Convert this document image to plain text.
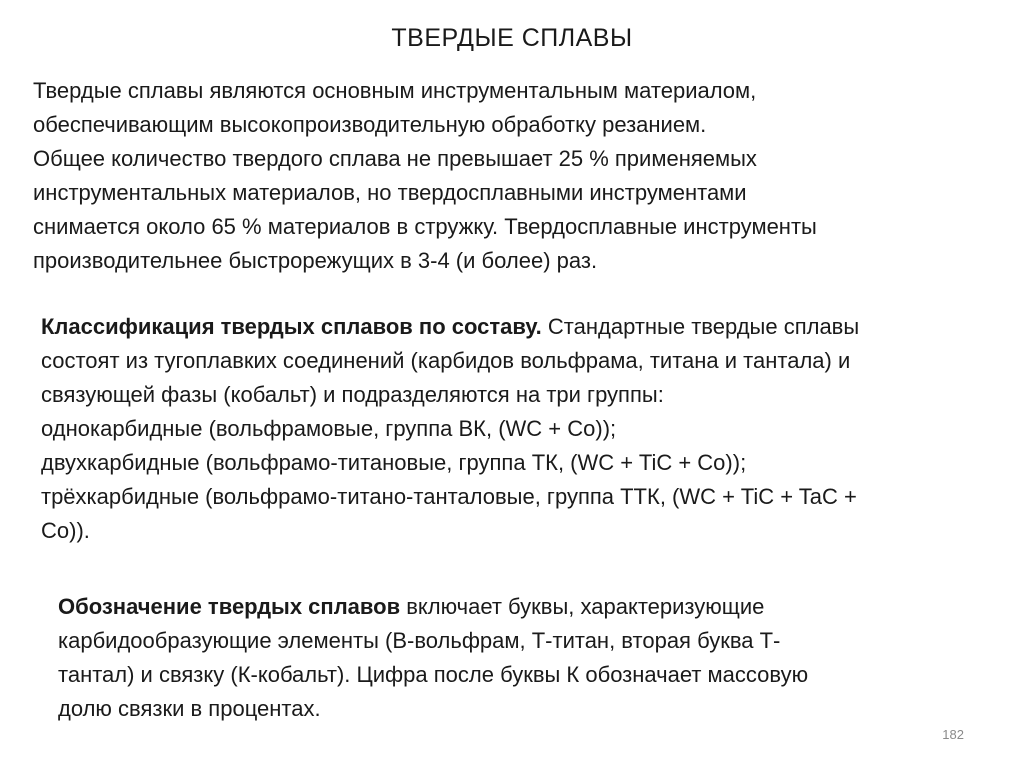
ТВЕРДЫЕ СПЛАВЫ

Твердые сплавы являются основным инструментальным материалом,
обеспечивающим высокопроизводительную обработку резанием.
Общее количество твердого сплава не превышает 25 % применяемых
инструментальных материалов, но твердосплавными инструментами
снимается около 65 % материалов в стружку. Твердосплавные инструменты
производительнее быстрорежущих в 3-4 (и более) раз.

Классификация твердых сплавов по составу. Стандартные твердые сплавы
состоят из тугоплавких соединений (карбидов вольфрама, титана и тантала) и
связующей фазы (кобальт) и подразделяются на три группы:
однокарбидные (вольфрамовые, группа ВК, (WC + Co));
двухкарбидные (вольфрамо-титановые, группа ТК, (WC + TiC + Co));
трёхкарбидные (вольфрамо-титано-танталовые, группа ТТК, (WC + TiC + TaC +
Co)).

Обозначение твердых сплавов включает буквы, характеризующие
карбидообразующие элементы (В-вольфрам, Т-титан, вторая буква Т-
тантал) и связку (К-кобальт). Цифра после буквы К обозначает массовую
долю связки в процентах.

182
